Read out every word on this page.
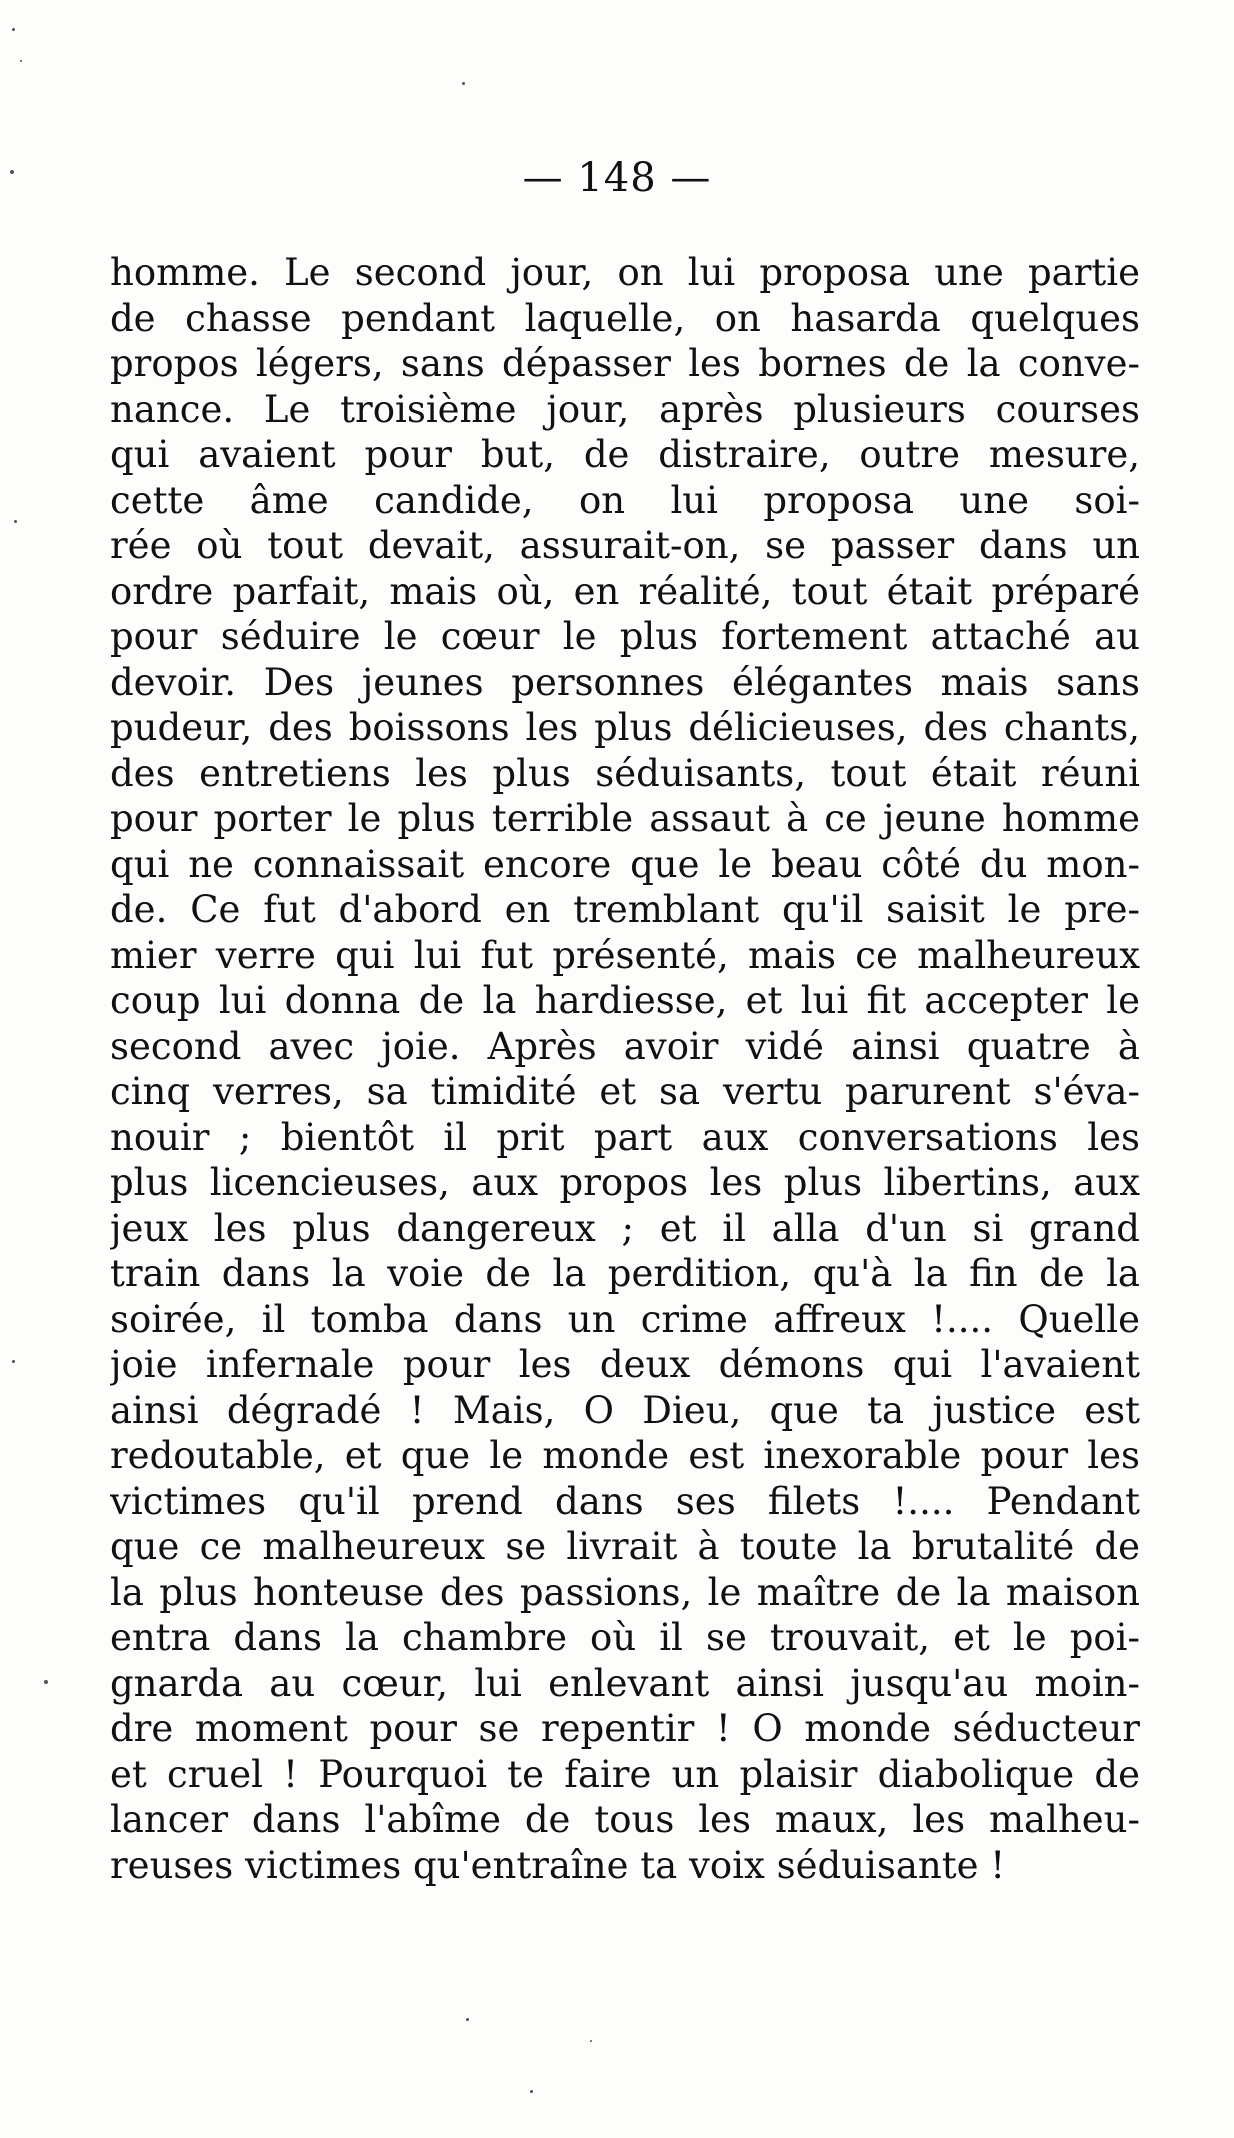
— 148 —
homme. Le second jour, on lui proposa une partie
de chasse pendant laquelle, on hasarda quelques
propos légers, sans dépasser les bornes de la conve-
nance. Le troisième jour, après plusieurs courses
qui avaient pour but, de distraire, outre mesure,
cette âme candide, on lui proposa une soi-
rée où tout devait, assurait-on, se passer dans un
ordre parfait, mais où, en réalité, tout était préparé
pour séduire le cœur le plus fortement attaché au
devoir. Des jeunes personnes élégantes mais sans
pudeur, des boissons les plus délicieuses, des chants,
des entretiens les plus séduisants, tout était réuni
pour porter le plus terrible assaut à ce jeune homme
qui ne connaissait encore que le beau côté du mon-
de. Ce fut d'abord en tremblant qu'il saisit le pre-
mier verre qui lui fut présenté, mais ce malheureux
coup lui donna de la hardiesse, et lui fit accepter le
second avec joie. Après avoir vidé ainsi quatre à
cinq verres, sa timidité et sa vertu parurent s'éva-
nouir ; bientôt il prit part aux conversations les
plus licencieuses, aux propos les plus libertins, aux
jeux les plus dangereux ; et il alla d'un si grand
train dans la voie de la perdition, qu'à la fin de la
soirée, il tomba dans un crime affreux !.... Quelle
joie infernale pour les deux démons qui l'avaient
ainsi dégradé ! Mais, O Dieu, que ta justice est
redoutable, et que le monde est inexorable pour les
victimes qu'il prend dans ses filets !.... Pendant
que ce malheureux se livrait à toute la brutalité de
la plus honteuse des passions, le maître de la maison
entra dans la chambre où il se trouvait, et le poi-
gnarda au cœur, lui enlevant ainsi jusqu'au moin-
dre moment pour se repentir ! O monde séducteur
et cruel ! Pourquoi te faire un plaisir diabolique de
lancer dans l'abîme de tous les maux, les malheu-
reuses victimes qu'entraîne ta voix séduisante !
